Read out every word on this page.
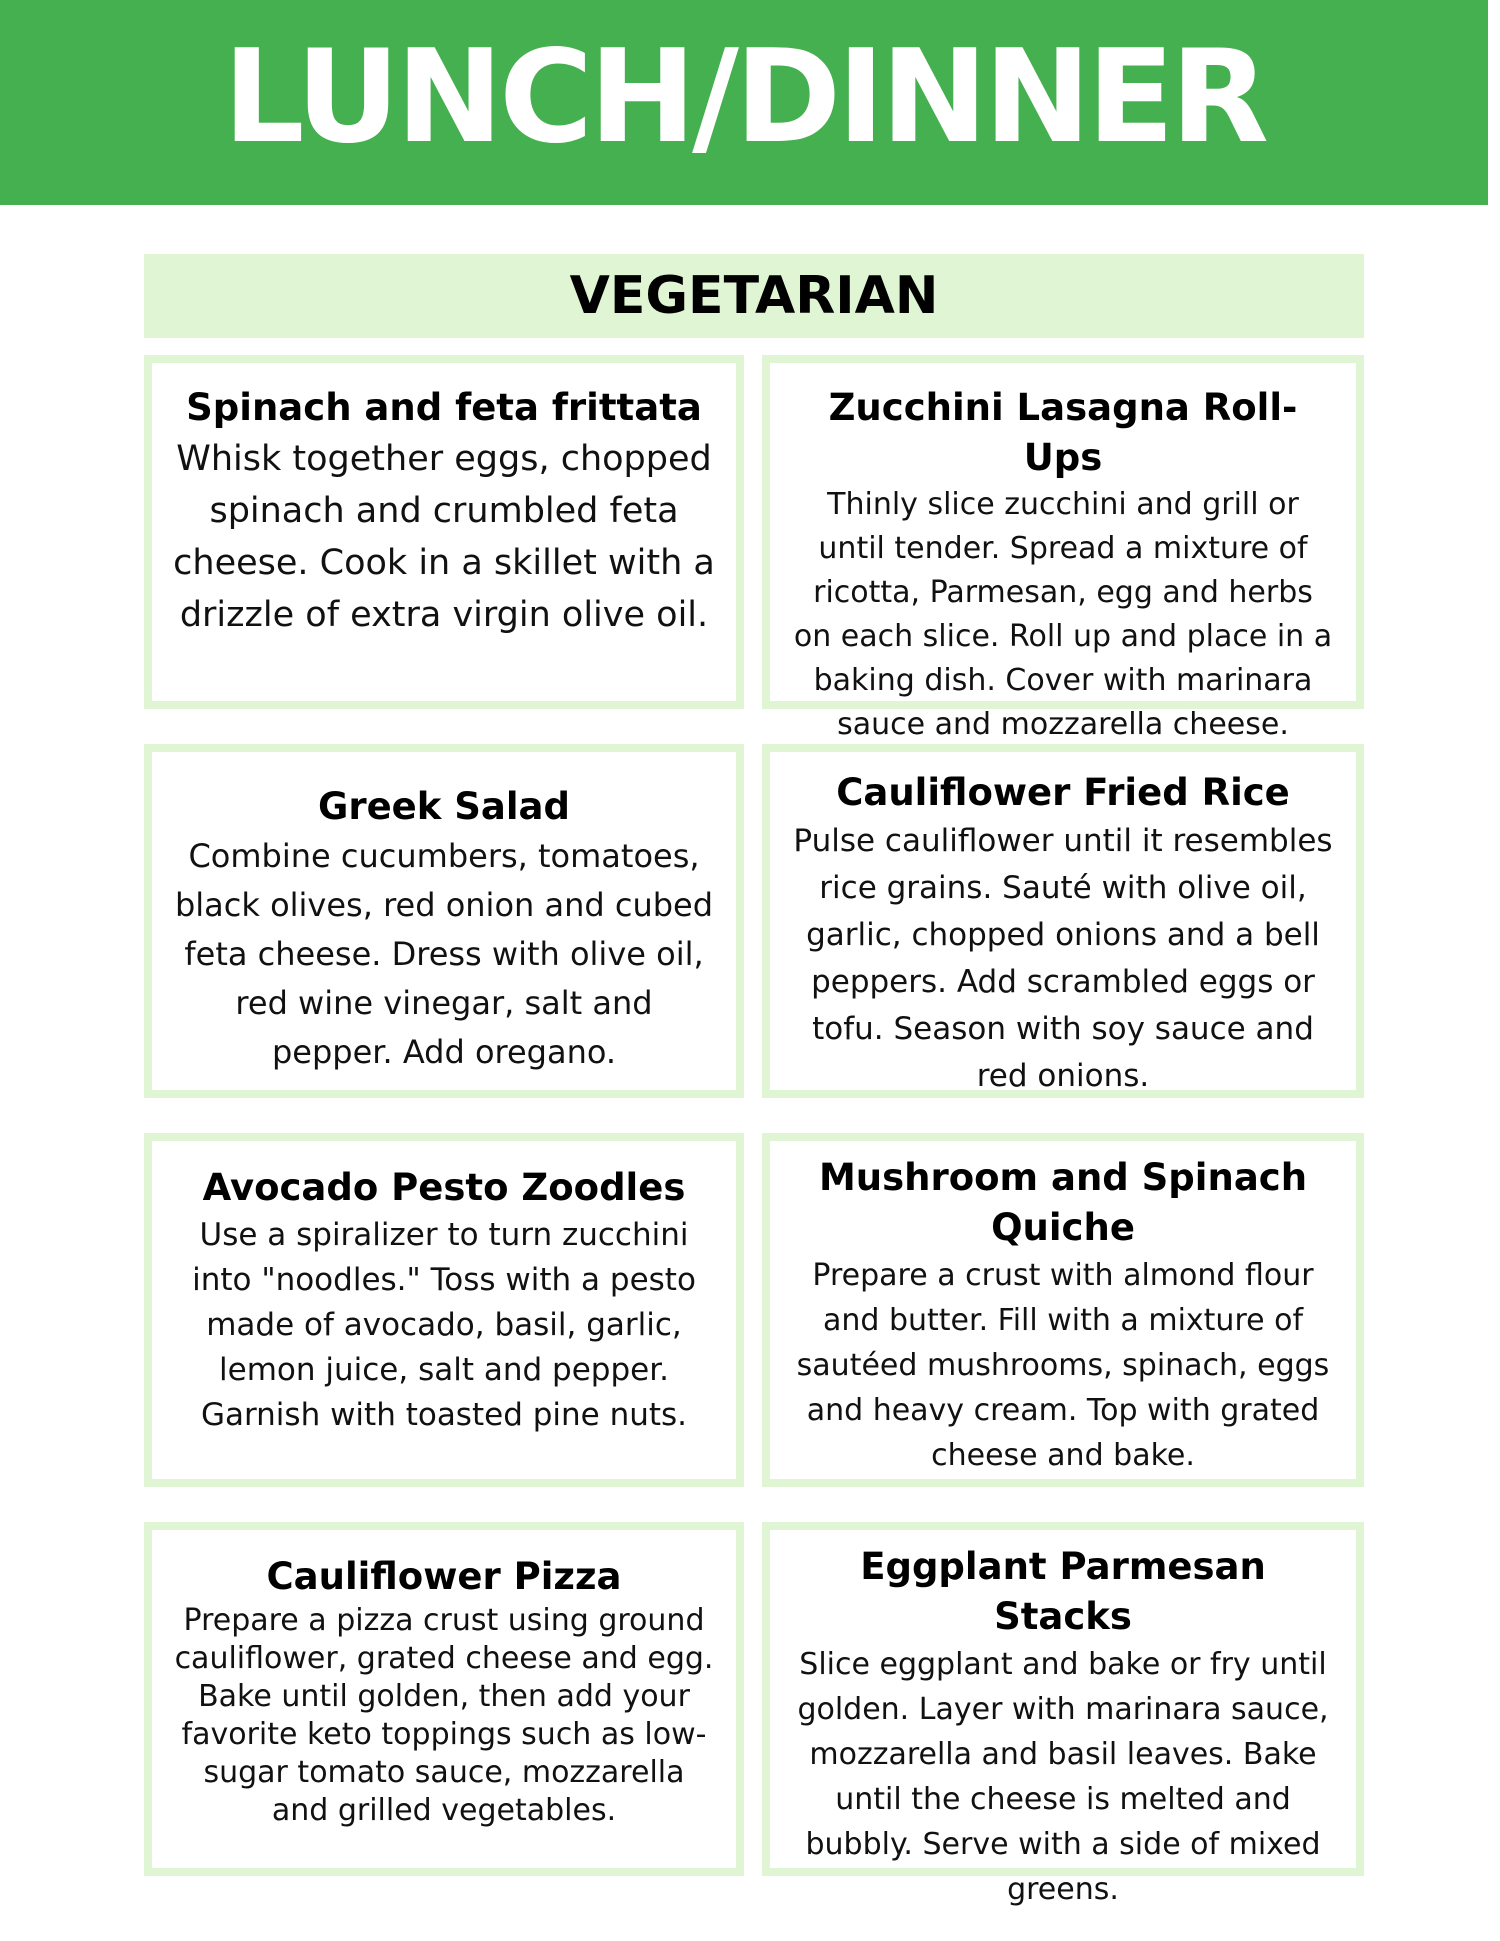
LUNCH/DINNER
VEGETARIAN
Spinach and feta frittata
Whisk together eggs, chopped spinach and crumbled feta cheese. Cook in a skillet with a drizzle of extra virgin olive oil.
Zucchini Lasagna Roll-Ups
Thinly slice zucchini and grill or until tender. Spread a mixture of ricotta, Parmesan, egg and herbs on each slice. Roll up and place in a baking dish. Cover with marinara sauce and mozzarella cheese.
Greek Salad
Combine cucumbers, tomatoes, black olives, red onion and cubed feta cheese. Dress with olive oil, red wine vinegar, salt and pepper. Add oregano.
Cauliflower Fried Rice
Pulse cauliflower until it resembles rice grains. Sauté with olive oil, garlic, chopped onions and a bell peppers. Add scrambled eggs or tofu. Season with soy sauce and red onions.
Avocado Pesto Zoodles
Use a spiralizer to turn zucchini into "noodles." Toss with a pesto made of avocado, basil, garlic, lemon juice, salt and pepper. Garnish with toasted pine nuts.
Mushroom and Spinach Quiche
Prepare a crust with almond flour and butter. Fill with a mixture of sautéed mushrooms, spinach, eggs and heavy cream. Top with grated cheese and bake.
Cauliflower Pizza
Prepare a pizza crust using ground cauliflower, grated cheese and egg. Bake until golden, then add your favorite keto toppings such as low-sugar tomato sauce, mozzarella and grilled vegetables.
Eggplant Parmesan Stacks
Slice eggplant and bake or fry until golden. Layer with marinara sauce, mozzarella and basil leaves. Bake until the cheese is melted and bubbly. Serve with a side of mixed greens.
